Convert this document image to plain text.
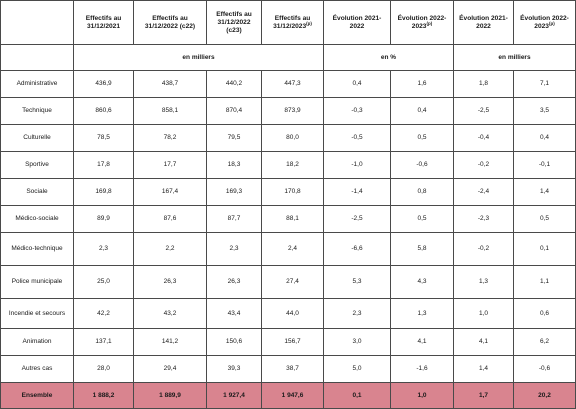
	Effectifs au 31/12/2021	Effectifs au 31/12/2022 (c22)	Effectifs au 31/12/2022 (c23)	Effectifs au 31/12/2023$^{(p)}$	Évolution 2021-2022	Évolution 2022-2023$^{(p)}$	Évolution 2021-2022	Évolution 2022-2023$^{(p)}$
	en milliers				en %		en milliers	
Administrative	436,9	438,7	440,2	447,3	0,4	1,6	1,8	7,1
Technique	860,6	858,1	870,4	873,9	-0,3	0,4	-2,5	3,5
Culturelle	78,5	78,2	79,5	80,0	-0,5	0,5	-0,4	0,4
Sportive	17,8	17,7	18,3	18,2	-1,0	-0,6	-0,2	-0,1
Sociale	169,8	167,4	169,3	170,8	-1,4	0,8	-2,4	1,4
Médico-sociale	89,9	87,6	87,7	88,1	-2,5	0,5	-2,3	0,5
Médico-technique	2,3	2,2	2,3	2,4	-6,6	5,8	-0,2	0,1
Police municipale	25,0	26,3	26,3	27,4	5,3	4,3	1,3	1,1
Incendie et secours	42,2	43,2	43,4	44,0	2,3	1,3	1,0	0,6
Animation	137,1	141,2	150,6	156,7	3,0	4,1	4,1	6,2
Autres cas	28,0	29,4	39,3	38,7	5,0	-1,6	1,4	-0,6
Ensemble	1 888,2	1 889,9	1 927,4	1 947,6	0,1	1,0	1,7	20,2
